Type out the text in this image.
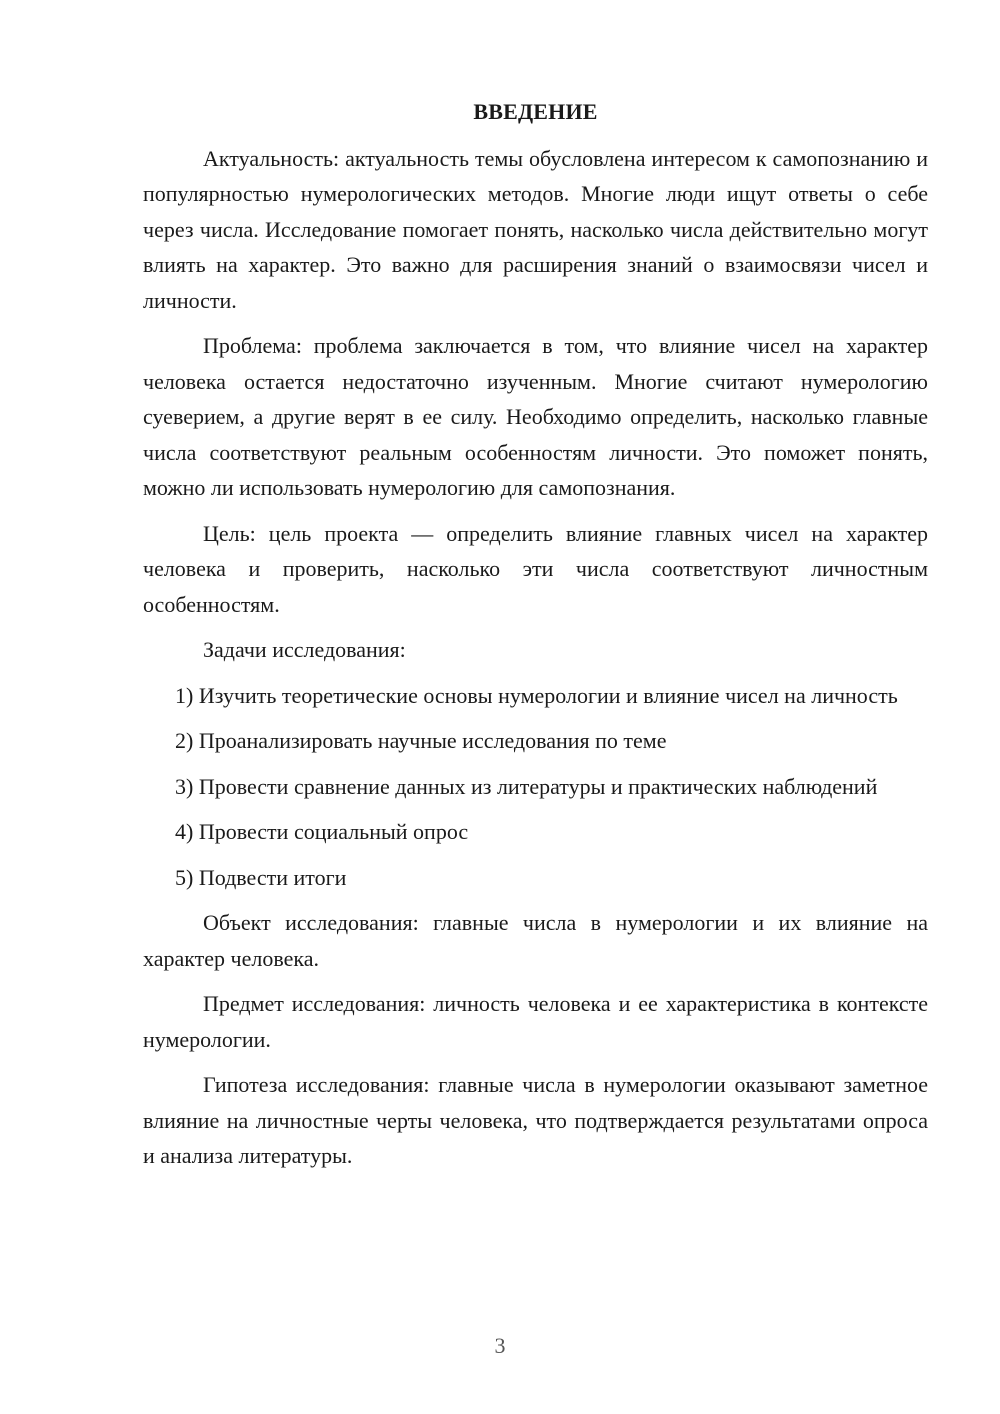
ВВЕДЕНИЕ

Актуальность: актуальность темы обусловлена интересом к самопознанию и популярностью нумерологических методов. Многие люди ищут ответы о себе через числа. Исследование помогает понять, насколько числа действительно могут влиять на характер. Это важно для расширения знаний о взаимосвязи чисел и личности.

Проблема: проблема заключается в том, что влияние чисел на характер человека остается недостаточно изученным. Многие считают нумерологию суеверием, а другие верят в ее силу. Необходимо определить, насколько главные числа соответствуют реальным особенностям личности. Это поможет понять, можно ли использовать нумерологию для самопознания.

Цель: цель проекта — определить влияние главных чисел на характер человека и проверить, насколько эти числа соответствуют личностным особенностям.

Задачи исследования:

1) Изучить теоретические основы нумерологии и влияние чисел на личность

2) Проанализировать научные исследования по теме

3) Провести сравнение данных из литературы и практических наблюдений

4) Провести социальный опрос

5) Подвести итоги

Объект исследования: главные числа в нумерологии и их влияние на характер человека.

Предмет исследования: личность человека и ее характеристика в контексте нумерологии.

Гипотеза исследования: главные числа в нумерологии оказывают заметное влияние на личностные черты человека, что подтверждается результатами опроса и анализа литературы.

3
